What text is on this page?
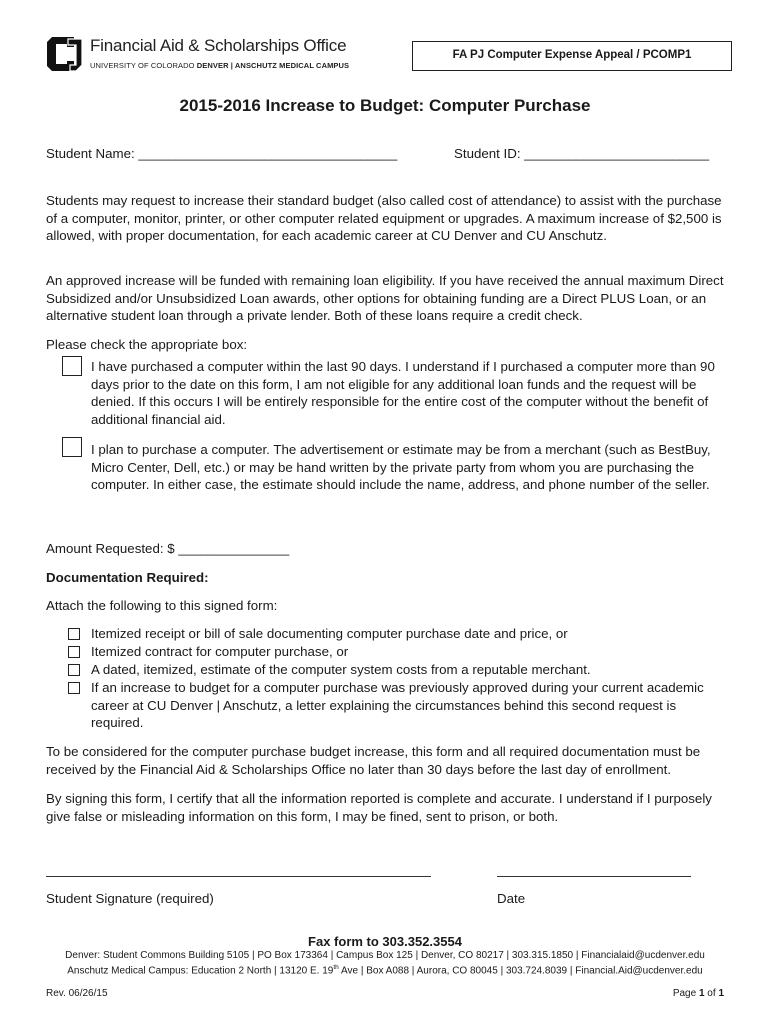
Financial Aid & Scholarships Office
UNIVERSITY OF COLORADO DENVER | ANSCHUTZ MEDICAL CAMPUS
FA PJ Computer Expense Appeal / PCOMP1
2015-2016 Increase to Budget: Computer Purchase
Student Name: ___________________________________	Student ID: _________________________
Students may request to increase their standard budget (also called cost of attendance) to assist with the purchase of a computer, monitor, printer, or other computer related equipment or upgrades. A maximum increase of $2,500 is allowed, with proper documentation, for each academic career at CU Denver and CU Anschutz.
An approved increase will be funded with remaining loan eligibility. If you have received the annual maximum Direct Subsidized and/or Unsubsidized Loan awards, other options for obtaining funding are a Direct PLUS Loan, or an alternative student loan through a private lender. Both of these loans require a credit check.
Please check the appropriate box:
I have purchased a computer within the last 90 days. I understand if I purchased a computer more than 90 days prior to the date on this form, I am not eligible for any additional loan funds and the request will be denied. If this occurs I will be entirely responsible for the entire cost of the computer without the benefit of additional financial aid.
I plan to purchase a computer. The advertisement or estimate may be from a merchant (such as BestBuy, Micro Center, Dell, etc.) or may be hand written by the private party from whom you are purchasing the computer. In either case, the estimate should include the name, address, and phone number of the seller.
Amount Requested: $ _______________
Documentation Required:
Attach the following to this signed form:
Itemized receipt or bill of sale documenting computer purchase date and price, or
Itemized contract for computer purchase, or
A dated, itemized, estimate of the computer system costs from a reputable merchant.
If an increase to budget for a computer purchase was previously approved during your current academic career at CU Denver | Anschutz, a letter explaining the circumstances behind this second request is required.
To be considered for the computer purchase budget increase, this form and all required documentation must be received by the Financial Aid & Scholarships Office no later than 30 days before the last day of enrollment.
By signing this form, I certify that all the information reported is complete and accurate. I understand if I purposely give false or misleading information on this form, I may be fined, sent to prison, or both.
Student Signature (required)	Date
Fax form to 303.352.3554
Denver: Student Commons Building 5105 | PO Box 173364 | Campus Box 125 | Denver, CO 80217 | 303.315.1850 | Financialaid@ucdenver.edu
Anschutz Medical Campus: Education 2 North | 13120 E. 19th Ave | Box A088 | Aurora, CO 80045 | 303.724.8039 | Financial.Aid@ucdenver.edu
Rev. 06/26/15	Page 1 of 1
